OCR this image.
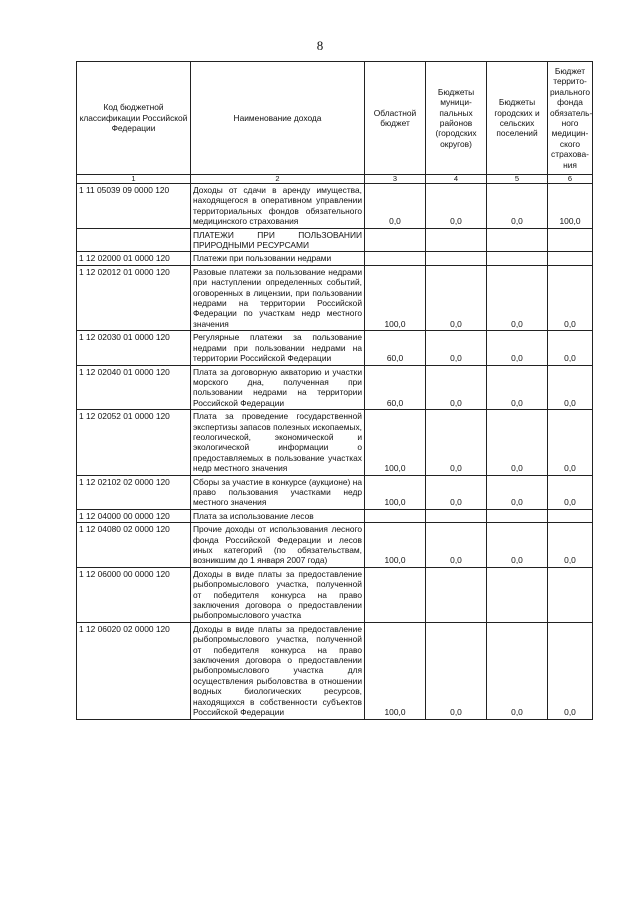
8
Код бюджетной классификации Российской Федерации	Наименование дохода	Областной бюджет	Бюджеты муници-пальных районов (городских округов)	Бюджеты городских и сельских поселений	Бюджет террито-риального фонда обязатель-ного медицин-ского страхова-ния
1	2	3	4	5	6
1 11 05039 09 0000 120	Доходы от сдачи в аренду имущества, находящегося в оперативном управлении территориальных фондов обязательного медицинского страхования	0,0	0,0	0,0	100,0
	ПЛАТЕЖИ ПРИ ПОЛЬЗОВАНИИ ПРИРОДНЫМИ РЕСУРСАМИ				
1 12 02000 01 0000 120	Платежи при пользовании недрами				
1 12 02012 01 0000 120	Разовые платежи за пользование недрами при наступлении определенных событий, оговоренных в лицензии, при пользовании недрами на территории Российской Федерации по участкам недр местного значения	100,0	0,0	0,0	0,0
1 12 02030 01 0000 120	Регулярные платежи за пользование недрами при пользовании недрами на территории Российской Федерации	60,0	0,0	0,0	0,0
1 12 02040 01 0000 120	Плата за договорную акваторию и участки морского дна, полученная при пользовании недрами на территории Российской Федерации	60,0	0,0	0,0	0,0
1 12 02052 01 0000 120	Плата за проведение государственной экспертизы запасов полезных ископаемых, геологической, экономической и экологической информации о предоставляемых в пользование участках недр местного значения	100,0	0,0	0,0	0,0
1 12 02102 02 0000 120	Сборы за участие в конкурсе (аукционе) на право пользования участками недр местного значения	100,0	0,0	0,0	0,0
1 12 04000 00 0000 120	Плата за использование лесов				
1 12 04080 02 0000 120	Прочие доходы от использования лесного фонда Российской Федерации и лесов иных категорий (по обязательствам, возникшим до 1 января 2007 года)	100,0	0,0	0,0	0,0
1 12 06000 00 0000 120	Доходы в виде платы за предоставление рыбопромыслового участка, полученной от победителя конкурса на право заключения договора о предоставлении рыбопромыслового участка				
1 12 06020 02 0000 120	Доходы в виде платы за предоставление рыбопромыслового участка, полученной от победителя конкурса на право заключения договора о предоставлении рыбопромыслового участка для осуществления рыболовства в отношении водных биологических ресурсов, находящихся в собственности субъектов Российской Федерации	100,0	0,0	0,0	0,0
